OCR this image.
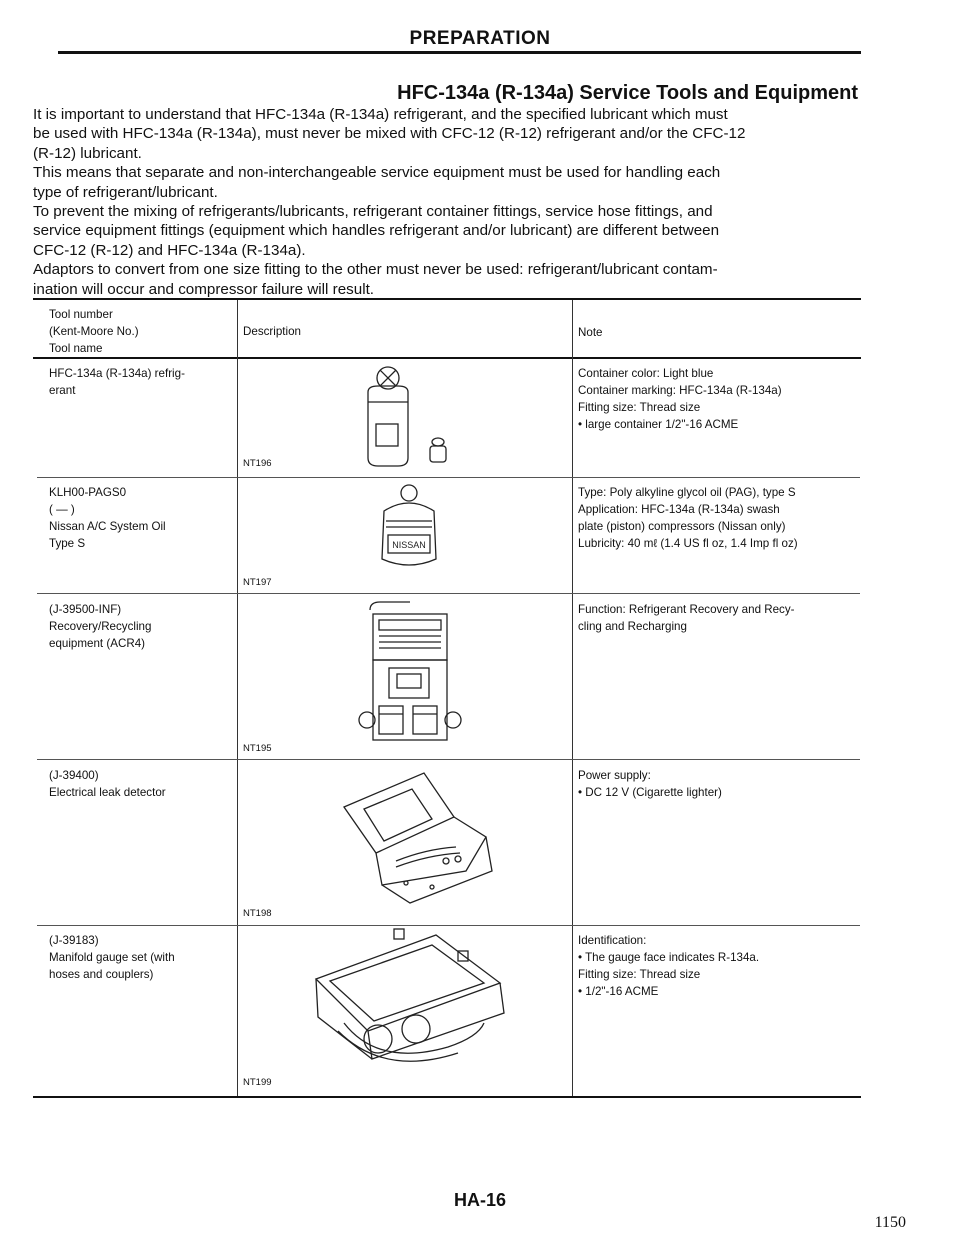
PREPARATION
HFC-134a (R-134a) Service Tools and Equipment

It is important to understand that HFC-134a (R-134a) refrigerant, and the specified lubricant which must

be used with HFC-134a (R-134a), must never be mixed with CFC-12 (R-12) refrigerant and/or the CFC-12

(R-12) lubricant.

This means that separate and non-interchangeable service equipment must be used for handling each

type of refrigerant/lubricant.

To prevent the mixing of refrigerants/lubricants, refrigerant container fittings, service hose fittings, and

service equipment fittings (equipment which handles refrigerant and/or lubricant) are different between

CFC-12 (R-12) and HFC-134a (R-134a).

Adaptors to convert from one size fitting to the other must never be used: refrigerant/lubricant contam-

ination will occur and compressor failure will result.

Tool number
(Kent-Moore No.)
Tool name
Description	Note
HFC-134a (R-134a) refrig-
erant
NT196
Container color: Light blue
Container marking: HFC-134a (R-134a)
Fitting size: Thread size
• large container 1/2"-16 ACME
KLH00-PAGS0
( — )
Nissan A/C System Oil
Type S	NISSAN
NT197
Type: Poly alkyline glycol oil (PAG), type S
Application: HFC-134a (R-134a) swash
plate (piston) compressors (Nissan only)
Lubricity: 40 mℓ (1.4 US fl oz, 1.4 Imp fl oz)
(J-39500-INF)
Recovery/Recycling
equipment (ACR4)
NT195
Function: Refrigerant Recovery and Recy-
cling and Recharging
(J-39400)
Electrical leak detector
NT198
Power supply:
• DC 12 V (Cigarette lighter)
(J-39183)
Manifold gauge set (with
hoses and couplers)
NT199
Identification:
• The gauge face indicates R-134a.
Fitting size: Thread size
• 1/2"-16 ACME
HA-16
1150
